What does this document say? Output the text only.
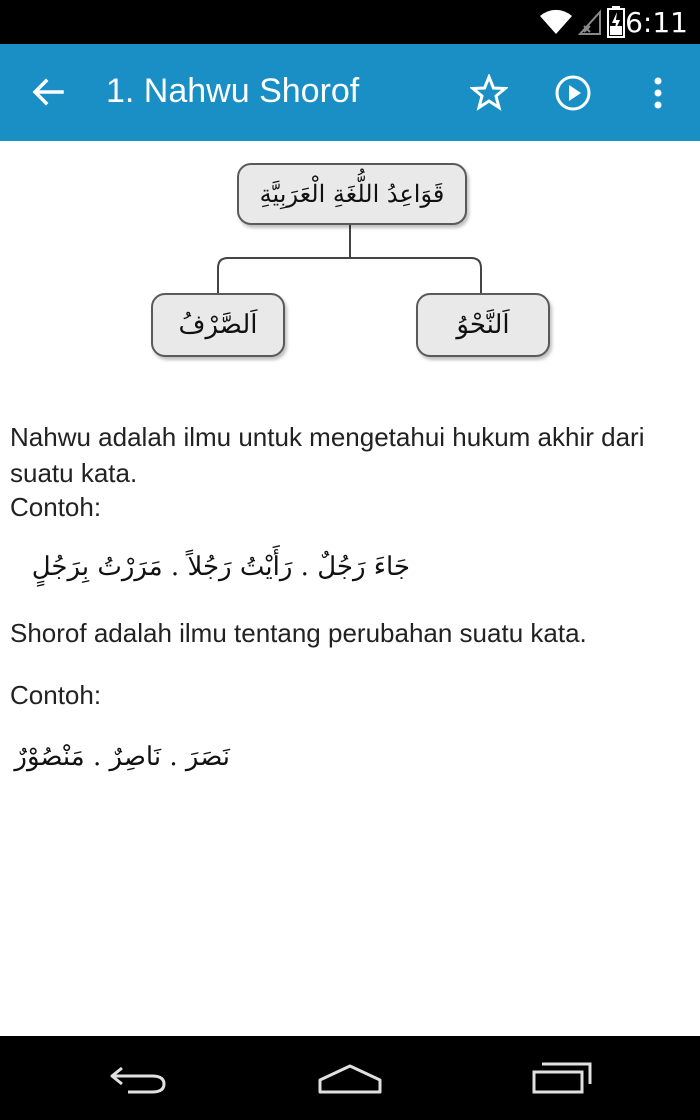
6:11
1. Nahwu Shorof
قَوَاعِدُ اللُّغَةِ الْعَرَبِيَّةِ
اَلصَّرْفُ	اَلنَّحْوُ

Nahwu adalah ilmu untuk mengetahui hukum akhir dari suatu kata.

Contoh:
جَاءَ رَجُلٌ . رَأَيْتُ رَجُلاً . مَرَرْتُ بِرَجُلٍ
Shorof adalah ilmu tentang perubahan suatu kata.
Contoh:
نَصَرَ . نَاصِرٌ . مَنْصُوْرٌ
